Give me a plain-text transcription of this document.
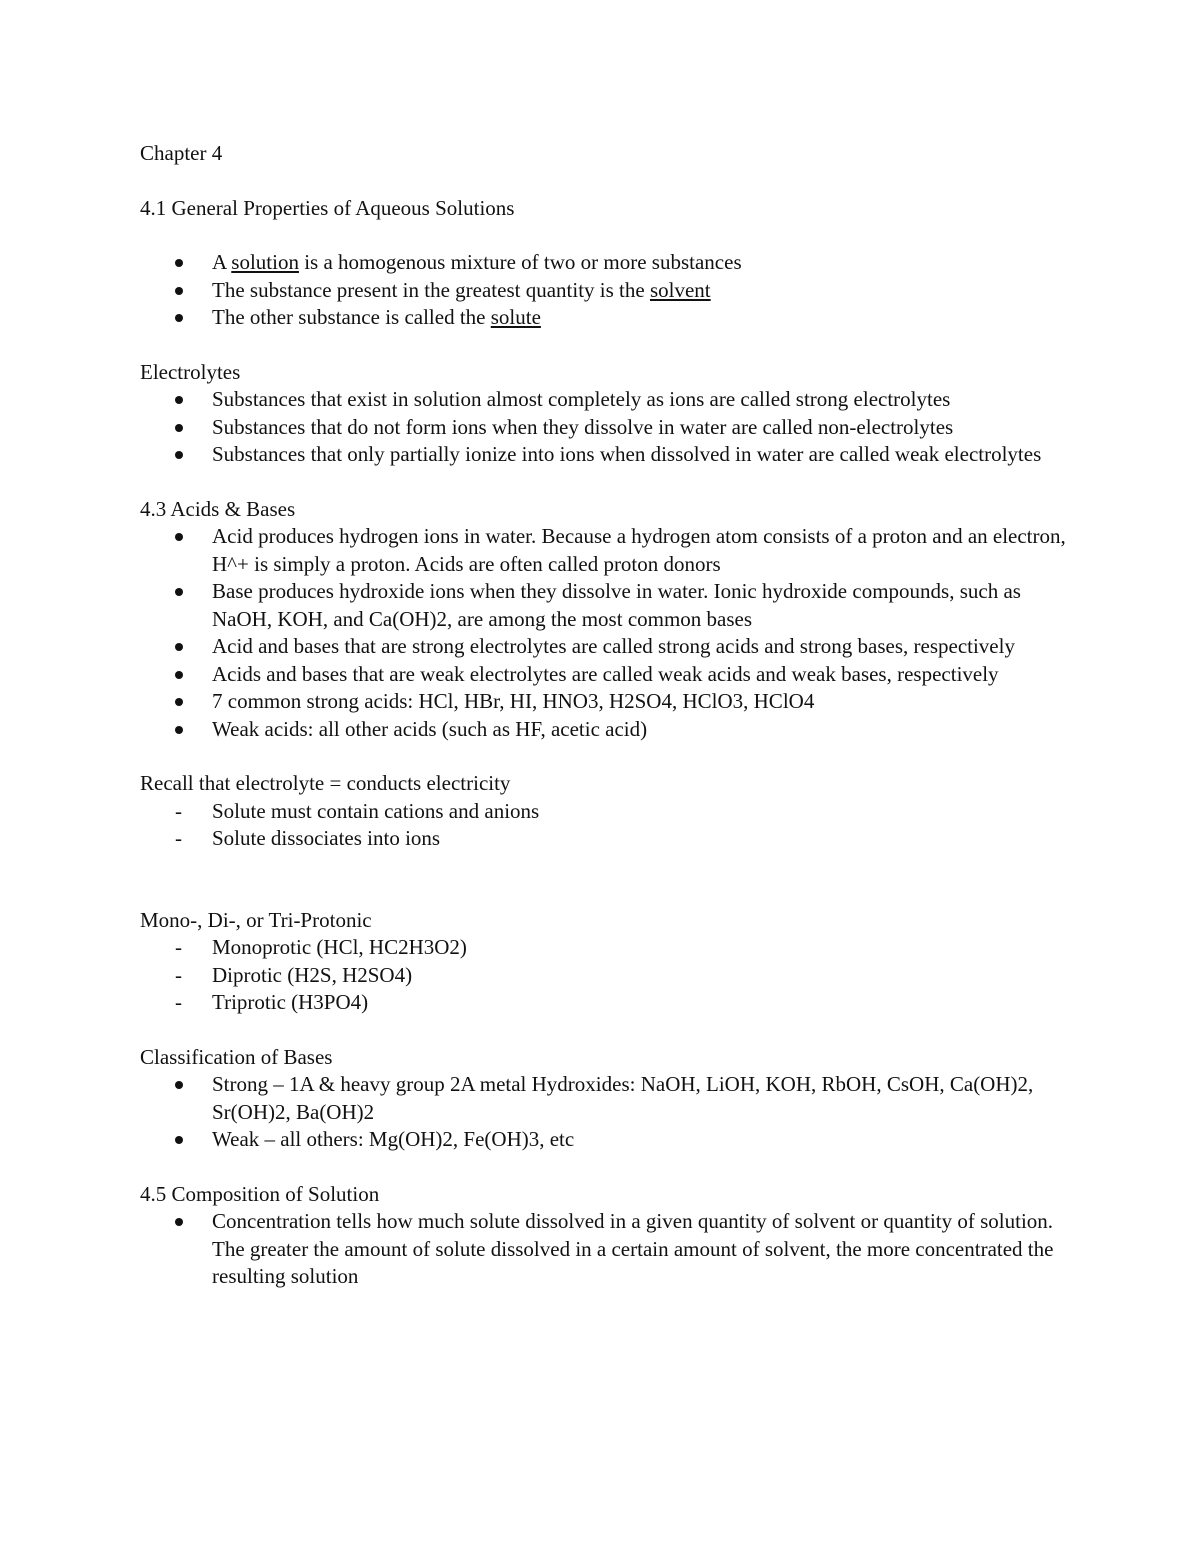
Chapter 4

4.1 General Properties of Aqueous Solutions

A solution is a homogenous mixture of two or more substances
The substance present in the greatest quantity is the solvent
The other substance is called the solute

Electrolytes

Substances that exist in solution almost completely as ions are called strong electrolytes
Substances that do not form ions when they dissolve in water are called non-electrolytes
Substances that only partially ionize into ions when dissolved in water are called weak electrolytes

4.3 Acids & Bases

Acid produces hydrogen ions in water. Because a hydrogen atom consists of a proton and an electron, H^+ is simply a proton. Acids are often called proton donors
Base produces hydroxide ions when they dissolve in water. Ionic hydroxide compounds, such as NaOH, KOH, and Ca(OH)2, are among the most common bases
Acid and bases that are strong electrolytes are called strong acids and strong bases, respectively
Acids and bases that are weak electrolytes are called weak acids and weak bases, respectively
7 common strong acids: HCl, HBr, HI, HNO3, H2SO4, HClO3, HClO4
Weak acids: all other acids (such as HF, acetic acid)

Recall that electrolyte = conducts electricity

- Solute must contain cations and anions
- Solute dissociates into ions

Mono-, Di-, or Tri-Protonic

- Monoprotic (HCl, HC2H3O2)
- Diprotic (H2S, H2SO4)
- Triprotic (H3PO4)

Classification of Bases

Strong – 1A & heavy group 2A metal Hydroxides: NaOH, LiOH, KOH, RbOH, CsOH, Ca(OH)2, Sr(OH)2, Ba(OH)2
Weak – all others: Mg(OH)2, Fe(OH)3, etc

4.5 Composition of Solution

Concentration tells how much solute dissolved in a given quantity of solvent or quantity of solution. The greater the amount of solute dissolved in a certain amount of solvent, the more concentrated the resulting solution
